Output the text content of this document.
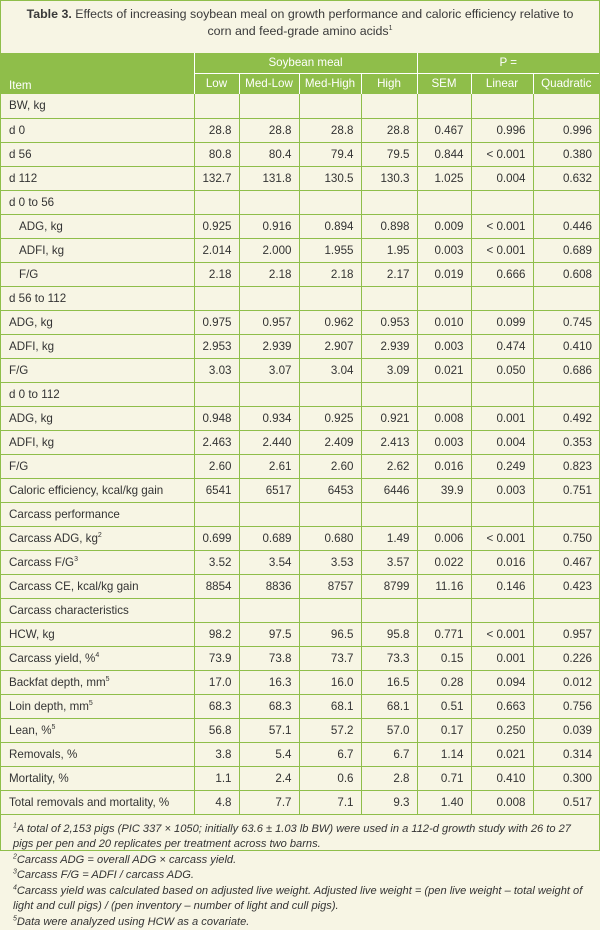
Table 3. Effects of increasing soybean meal on growth performance and caloric efficiency relative to corn and feed-grade amino acids$^1$
Item	Soybean meal				P =		
	Low	Med-Low	Med-High	High	SEM	Linear	Quadratic
BW, kg							
d 0	28.8	28.8	28.8	28.8	0.467	0.996	0.996
d 56	80.8	80.4	79.4	79.5	0.844	< 0.001	0.380
d 112	132.7	131.8	130.5	130.3	1.025	0.004	0.632
d 0 to 56							
ADG, kg	0.925	0.916	0.894	0.898	0.009	< 0.001	0.446
ADFI, kg	2.014	2.000	1.955	1.95	0.003	< 0.001	0.689
F/G	2.18	2.18	2.18	2.17	0.019	0.666	0.608
d 56 to 112							
ADG, kg	0.975	0.957	0.962	0.953	0.010	0.099	0.745
ADFI, kg	2.953	2.939	2.907	2.939	0.003	0.474	0.410
F/G	3.03	3.07	3.04	3.09	0.021	0.050	0.686
d 0 to 112							
ADG, kg	0.948	0.934	0.925	0.921	0.008	0.001	0.492
ADFI, kg	2.463	2.440	2.409	2.413	0.003	0.004	0.353
F/G	2.60	2.61	2.60	2.62	0.016	0.249	0.823
Caloric efficiency, kcal/kg gain	6541	6517	6453	6446	39.9	0.003	0.751
Carcass performance							
Carcass ADG, $kg^2$	0.699	0.689	0.680	1.49	0.006	< 0.001	0.750
Carcass $F/G^3$	3.52	3.54	3.53	3.57	0.022	0.016	0.467
Carcass CE, kcal/kg gain	8854	8836	8757	8799	11.16	0.146	0.423
Carcass characteristics							
HCW, kg	98.2	97.5	96.5	95.8	0.771	< 0.001	0.957
Carcass yield, %$^4$	73.9	73.8	73.7	73.3	0.15	0.001	0.226
Backfat depth, $mm^5$	17.0	16.3	16.0	16.5	0.28	0.094	0.012
Loin depth, $mm^5$	68.3	68.3	68.1	68.1	0.51	0.663	0.756
Lean, %$^5$	56.8	57.1	57.2	57.0	0.17	0.250	0.039
Removals, %	3.8	5.4	6.7	6.7	1.14	0.021	0.314
Mortality, %	1.1	2.4	0.6	2.8	0.71	0.410	0.300
Total removals and mortality, %	4.8	7.7	7.1	9.3	1.40	0.008	0.517

$^1$A total of 2,153 pigs (PIC 337 × 1050; initially 63.6 ± 1.03 lb BW) were used in a 112-d growth study with 26 to 27 pigs per pen and 20 replicates per treatment across two barns.

$^2$Carcass ADG = overall ADG × carcass yield.

$^3$Carcass F/G = ADFI / carcass ADG.

$^4$Carcass yield was calculated based on adjusted live weight. Adjusted live weight = (pen live weight – total weight of light and cull pigs) / (pen inventory – number of light and cull pigs).

$^5$Data were analyzed using HCW as a covariate.
